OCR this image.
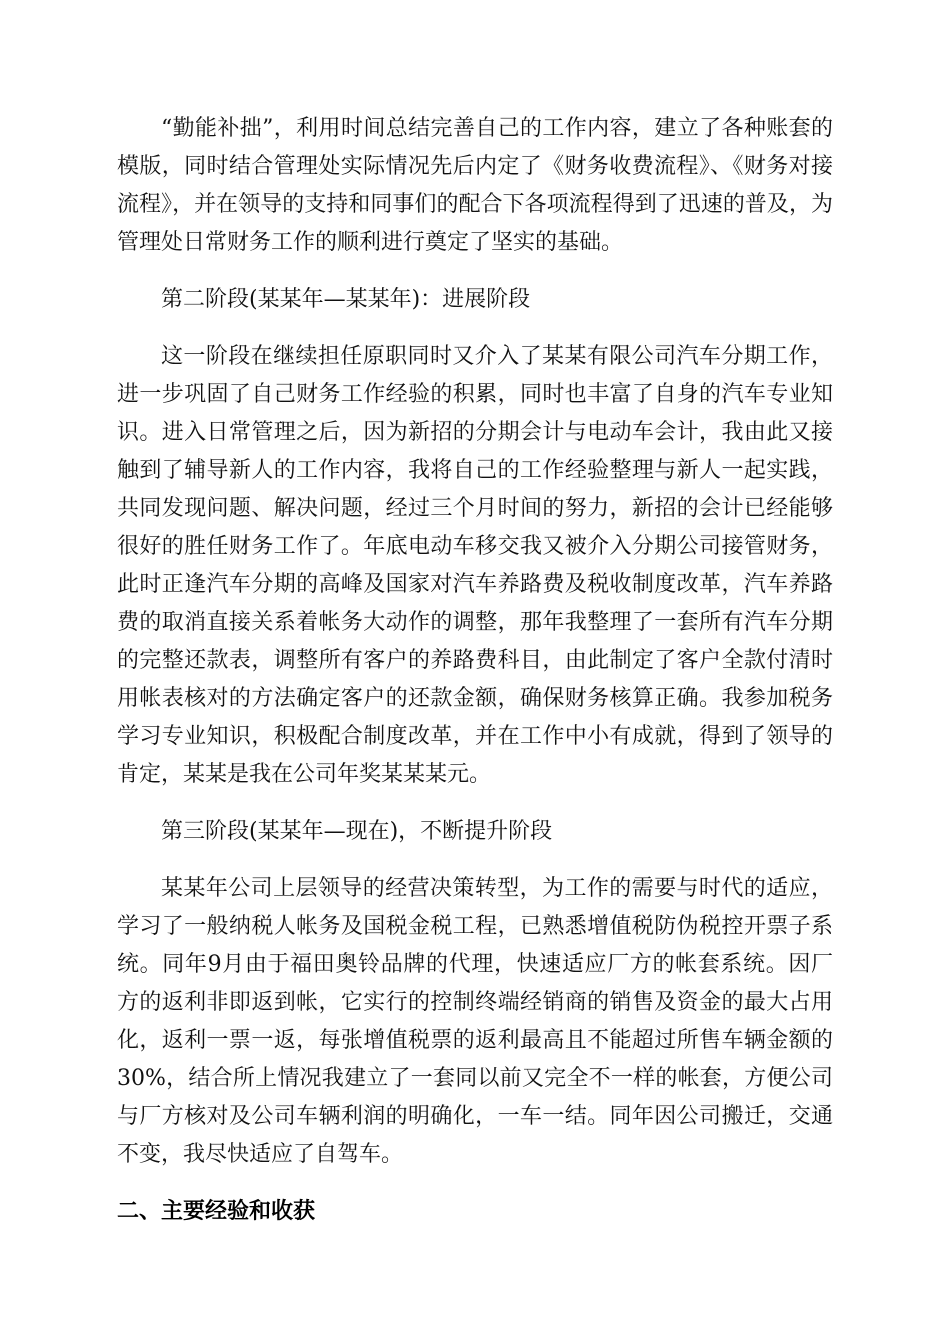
“勤能补拙”，利用时间总结完善自己的工作内容，建立了各种账套的模版，同时结合管理处实际情况先后内定了《财务收费流程》、《财务对接流程》，并在领导的支持和同事们的配合下各项流程得到了迅速的普及，为管理处日常财务工作的顺利进行奠定了坚实的基础。

第二阶段(某某年—某某年)：进展阶段

这一阶段在继续担任原职同时又介入了某某有限公司汽车分期工作，进一步巩固了自己财务工作经验的积累，同时也丰富了自身的汽车专业知识。进入日常管理之后，因为新招的分期会计与电动车会计，我由此又接触到了辅导新人的工作内容，我将自己的工作经验整理与新人一起实践，共同发现问题、解决问题，经过三个月时间的努力，新招的会计已经能够很好的胜任财务工作了。年底电动车移交我又被介入分期公司接管财务，此时正逢汽车分期的高峰及国家对汽车养路费及税收制度改革，汽车养路费的取消直接关系着帐务大动作的调整，那年我整理了一套所有汽车分期的完整还款表，调整所有客户的养路费科目，由此制定了客户全款付清时用帐表核对的方法确定客户的还款金额，确保财务核算正确。我参加税务学习专业知识，积极配合制度改革，并在工作中小有成就，得到了领导的肯定，某某是我在公司年奖某某某元。

第三阶段(某某年—现在)，不断提升阶段

某某年公司上层领导的经营决策转型，为工作的需要与时代的适应，学习了一般纳税人帐务及国税金税工程，已熟悉增值税防伪税控开票子系统。同年9月由于福田奥铃品牌的代理，快速适应厂方的帐套系统。因厂方的返利非即返到帐，它实行的控制终端经销商的销售及资金的最大占用化，返利一票一返，每张增值税票的返利最高且不能超过所售车辆金额的30%，结合所上情况我建立了一套同以前又完全不一样的帐套，方便公司与厂方核对及公司车辆利润的明确化，一车一结。同年因公司搬迁，交通不变，我尽快适应了自驾车。

二、主要经验和收获
